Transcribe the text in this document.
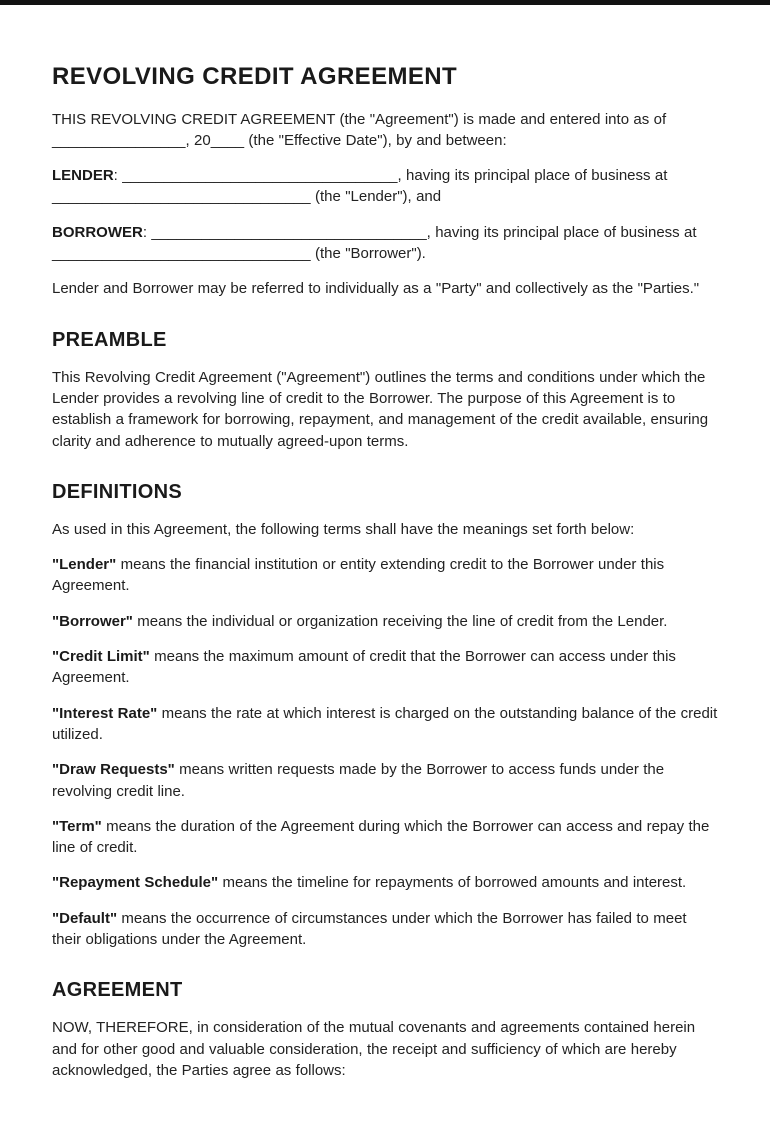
REVOLVING CREDIT AGREEMENT

THIS REVOLVING CREDIT AGREEMENT (the "Agreement") is made and entered into as of ________________, 20____ (the "Effective Date"), by and between:

LENDER: _________________________________, having its principal place of business at _______________________________ (the "Lender"), and

BORROWER: _________________________________, having its principal place of business at _______________________________ (the "Borrower").

Lender and Borrower may be referred to individually as a "Party" and collectively as the "Parties."

PREAMBLE

This Revolving Credit Agreement ("Agreement") outlines the terms and conditions under which the Lender provides a revolving line of credit to the Borrower. The purpose of this Agreement is to establish a framework for borrowing, repayment, and management of the credit available, ensuring clarity and adherence to mutually agreed-upon terms.

DEFINITIONS

As used in this Agreement, the following terms shall have the meanings set forth below:

"Lender" means the financial institution or entity extending credit to the Borrower under this Agreement.

"Borrower" means the individual or organization receiving the line of credit from the Lender.

"Credit Limit" means the maximum amount of credit that the Borrower can access under this Agreement.

"Interest Rate" means the rate at which interest is charged on the outstanding balance of the credit utilized.

"Draw Requests" means written requests made by the Borrower to access funds under the revolving credit line.

"Term" means the duration of the Agreement during which the Borrower can access and repay the line of credit.

"Repayment Schedule" means the timeline for repayments of borrowed amounts and interest.

"Default" means the occurrence of circumstances under which the Borrower has failed to meet their obligations under the Agreement.

AGREEMENT

NOW, THEREFORE, in consideration of the mutual covenants and agreements contained herein and for other good and valuable consideration, the receipt and sufficiency of which are hereby acknowledged, the Parties agree as follows:
